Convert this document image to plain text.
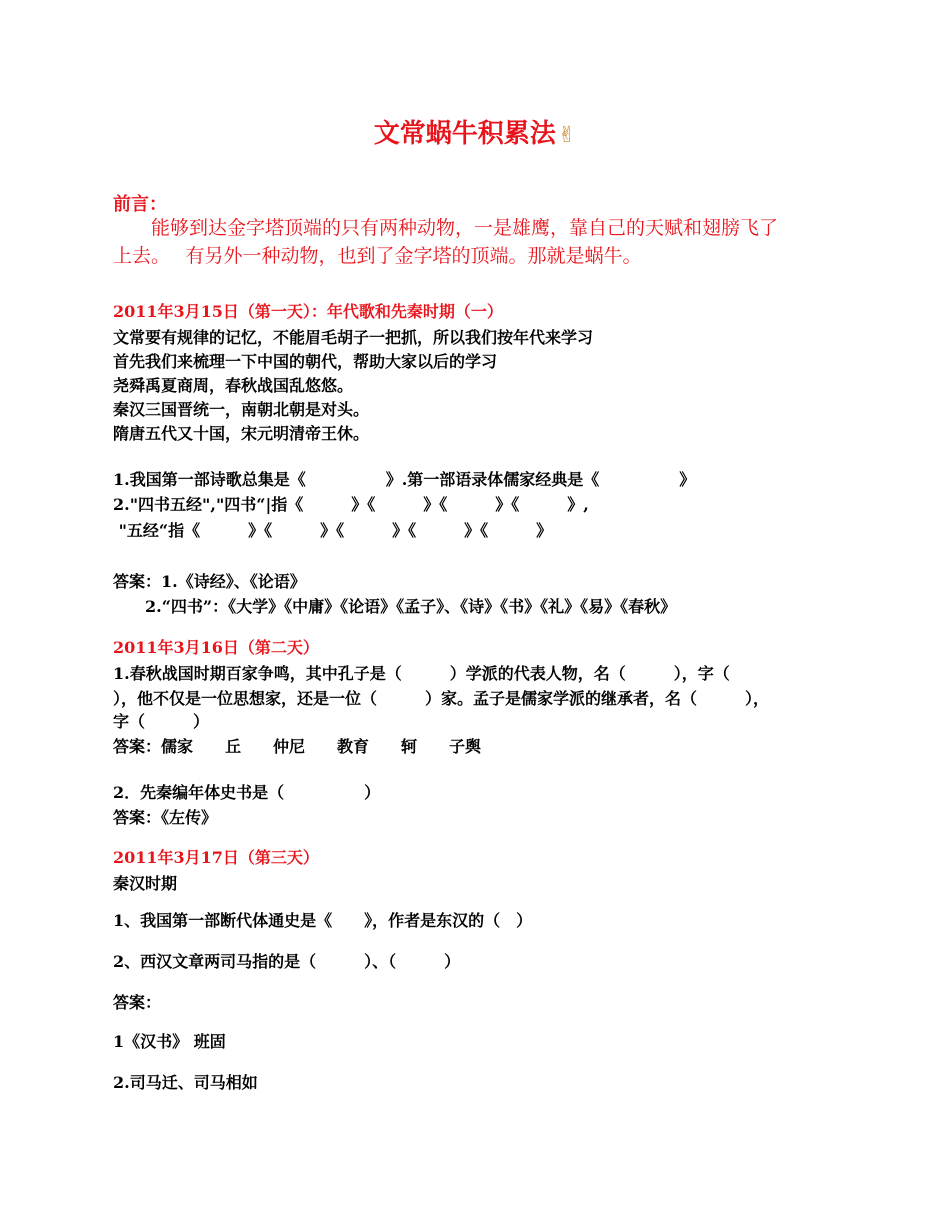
文常蜗牛积累法✌
前言：

　　能够到达金字塔顶端的只有两种动物，一是雄鹰，靠自己的天赋和翅膀飞了

上去。　 有另外一种动物，也到了金字塔的顶端。那就是蜗牛。

2011年3月15日（第一天）：年代歌和先秦时期（一）
文常要有规律的记忆，不能眉毛胡子一把抓，所以我们按年代来学习
首先我们来梳理一下中国的朝代，帮助大家以后的学习
尧舜禹夏商周，春秋战国乱悠悠。
秦汉三国晋统一，南朝北朝是对头。
隋唐五代又十国，宋元明清帝王休。
1.我国第一部诗歌总集是《　　　　　》.第一部语录体儒家经典是《　　　　　》
2."四书五经","四书“|指《　　　》《　　　》《　　　》《　　　》,
"五经“指《　　　》《　　　》《　　　》《　　　》《　　　》
答案：1.《诗经》、《论语》
　　2.“四书”：《大学》《中庸》《论语》《孟子》、《诗》《书》《礼》《易》《春秋》
2011年3月16日（第二天）
1.春秋战国时期百家争鸣，其中孔子是（　　　）学派的代表人物，名（　　　），字（
），他不仅是一位思想家，还是一位（　　　）家。孟子是儒家学派的继承者，名（　　　），
字（　　　）
答案：儒家　　丘　　仲尼　　教育　　轲　　子舆
2．先秦编年体史书是（　　　　　）
答案：《左传》
2011年3月17日（第三天）
秦汉时期
1、我国第一部断代体通史是《　　》，作者是东汉的（　）
2、西汉文章两司马指的是（　　　）、（　　　）
答案：
1《汉书》 班固
2.司马迁、司马相如
